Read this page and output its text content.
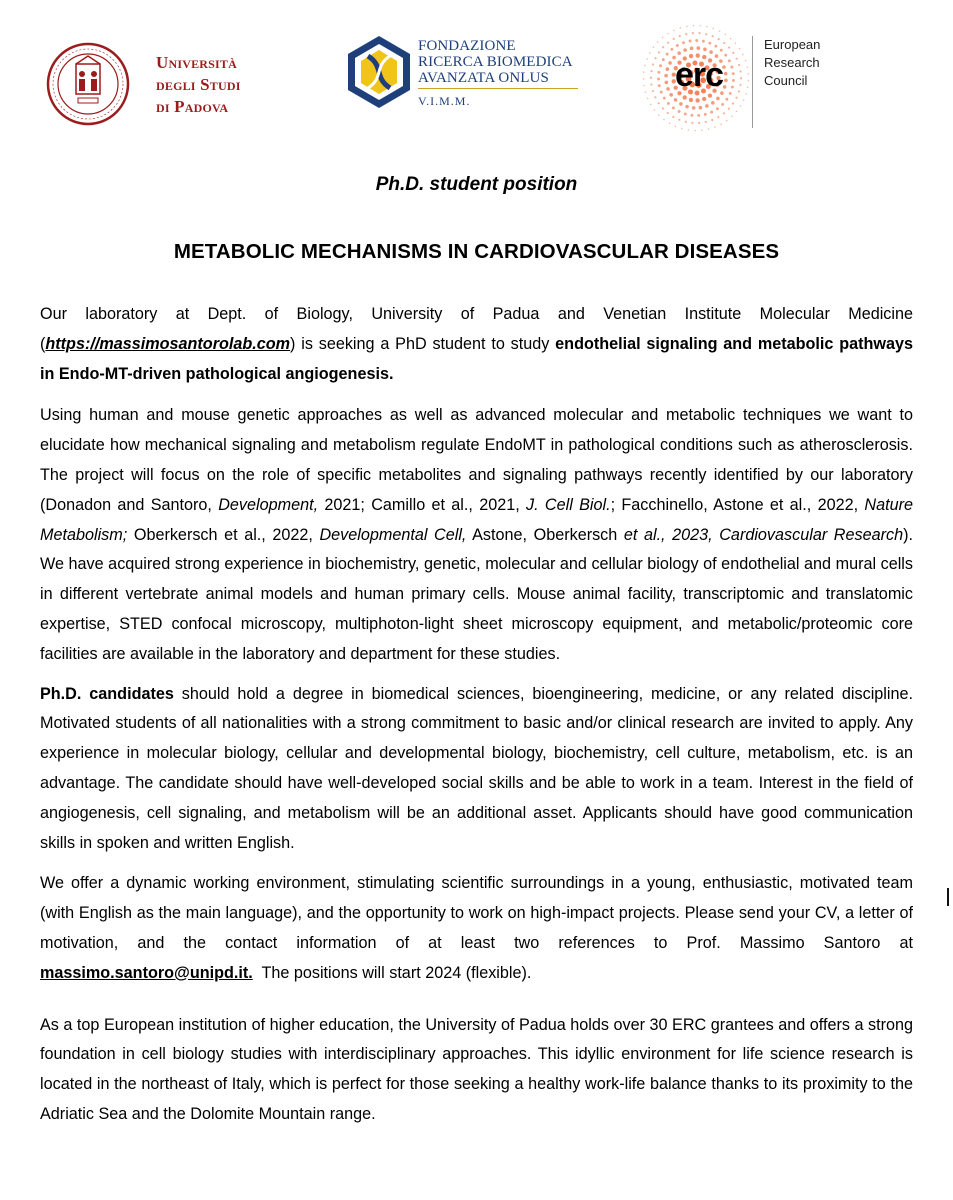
Università
degli Studi
di Padova
FONDAZIONE
RICERCA BIOMEDICA
AVANZATA ONLUS
V.I.M.M.
erc
European
Research
Council
Ph.D. student position
METABOLIC MECHANISMS IN CARDIOVASCULAR DISEASES

Our laboratory at Dept. of Biology, University of Padua and Venetian Institute Molecular Medicine (https://massimosantorolab.com) is seeking a PhD student to study endothelial signaling and metabolic pathways in Endo-MT-driven pathological angiogenesis.

Using human and mouse genetic approaches as well as advanced molecular and metabolic techniques we want to elucidate how mechanical signaling and metabolism regulate EndoMT in pathological conditions such as atherosclerosis. The project will focus on the role of specific metabolites and signaling pathways recently identified by our laboratory (Donadon and Santoro, Development, 2021; Camillo et al., 2021, J. Cell Biol.; Facchinello, Astone et al., 2022, Nature Metabolism; Oberkersch et al., 2022, Developmental Cell, Astone, Oberkersch et al., 2023, Cardiovascular Research). We have acquired strong experience in biochemistry, genetic, molecular and cellular biology of endothelial and mural cells in different vertebrate animal models and human primary cells. Mouse animal facility, transcriptomic and translatomic expertise, STED confocal microscopy, multiphoton-light sheet microscopy equipment, and metabolic/proteomic core facilities are available in the laboratory and department for these studies.

Ph.D. candidates should hold a degree in biomedical sciences, bioengineering, medicine, or any related discipline. Motivated students of all nationalities with a strong commitment to basic and/or clinical research are invited to apply. Any experience in molecular biology, cellular and developmental biology, biochemistry, cell culture, metabolism, etc. is an advantage. The candidate should have well-developed social skills and be able to work in a team. Interest in the field of angiogenesis, cell signaling, and metabolism will be an additional asset. Applicants should have good communication skills in spoken and written English.

We offer a dynamic working environment, stimulating scientific surroundings in a young, enthusiastic, motivated team (with English as the main language), and the opportunity to work on high-impact projects. Please send your CV, a letter of motivation, and the contact information of at least two references to Prof. Massimo Santoro at massimo.santoro@unipd.it.  The positions will start 2024 (flexible).

As a top European institution of higher education, the University of Padua holds over 30 ERC grantees and offers a strong foundation in cell biology studies with interdisciplinary approaches. This idyllic environment for life science research is located in the northeast of Italy, which is perfect for those seeking a healthy work-life balance thanks to its proximity to the Adriatic Sea and the Dolomite Mountain range.
